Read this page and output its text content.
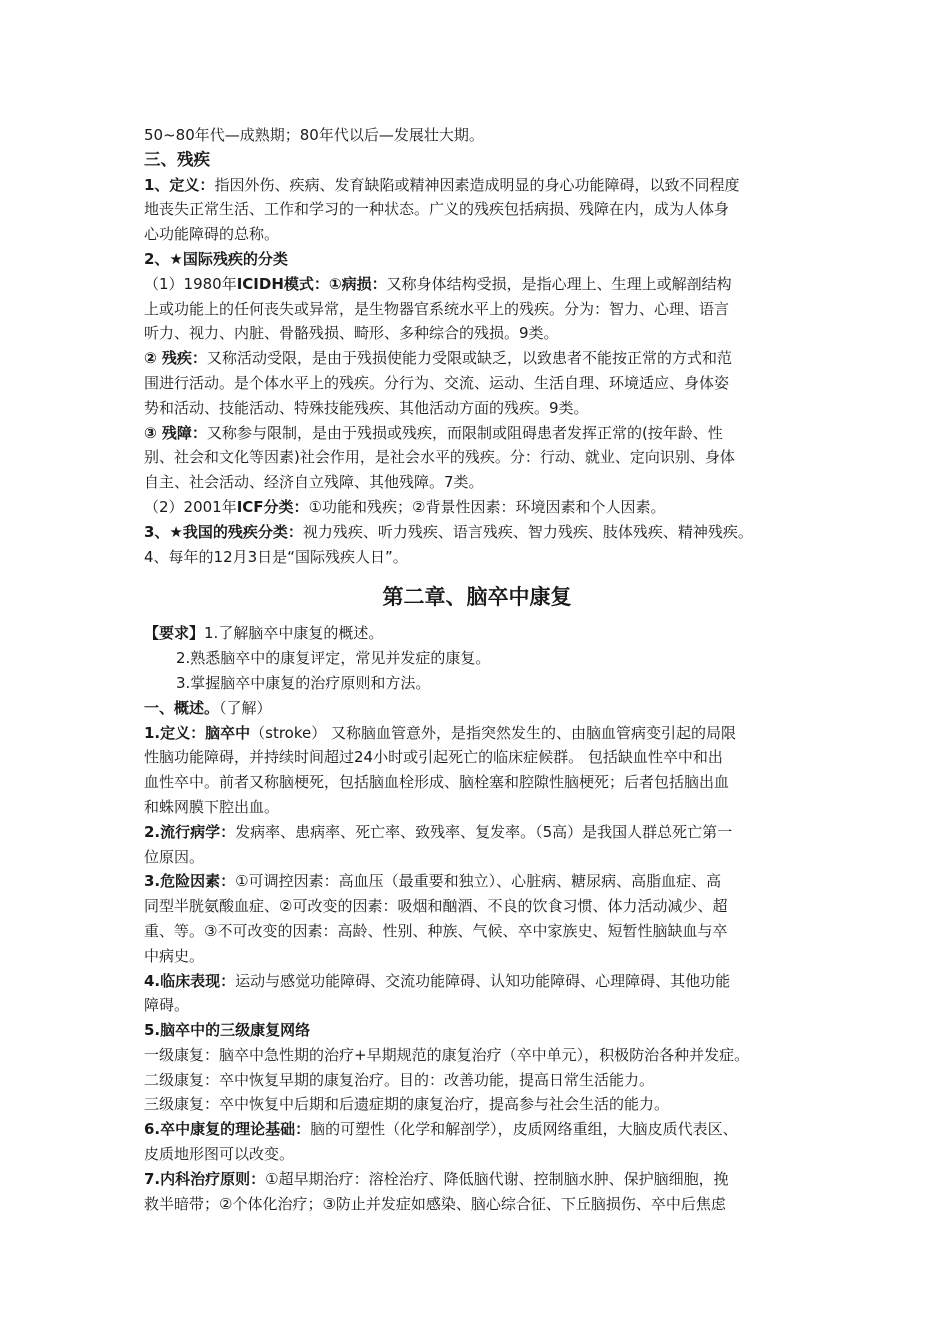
50~80年代—成熟期；80年代以后—发展壮大期。
三、残疾
1、定义：指因外伤、疾病、发育缺陷或精神因素造成明显的身心功能障碍，以致不同程度
地丧失正常生活、工作和学习的一种状态。广义的残疾包括病损、残障在内，成为人体身
心功能障碍的总称。
2、★国际残疾的分类
（1）1980年ICIDH模式：①病损：又称身体结构受损，是指心理上、生理上或解剖结构
上或功能上的任何丧失或异常，是生物器官系统水平上的残疾。分为：智力、心理、语言
听力、视力、内脏、骨骼残损、畸形、多种综合的残损。9类。
② 残疾：又称活动受限，是由于残损使能力受限或缺乏，以致患者不能按正常的方式和范
围进行活动。是个体水平上的残疾。分行为、交流、运动、生活自理、环境适应、身体姿
势和活动、技能活动、特殊技能残疾、其他活动方面的残疾。9类。
③ 残障：又称参与限制，是由于残损或残疾，而限制或阻碍患者发挥正常的(按年龄、性
别、社会和文化等因素)社会作用，是社会水平的残疾。分：行动、就业、定向识别、身体
自主、社会活动、经济自立残障、其他残障。7类。
（2）2001年ICF分类：①功能和残疾；②背景性因素：环境因素和个人因素。
3、★我国的残疾分类：视力残疾、听力残疾、语言残疾、智力残疾、肢体残疾、精神残疾。
4、每年的12月3日是“国际残疾人日”。
第二章、脑卒中康复
【要求】1.了解脑卒中康复的概述。
2.熟悉脑卒中的康复评定，常见并发症的康复。
3.掌握脑卒中康复的治疗原则和方法。
一、概述。（了解）
1.定义：脑卒中（stroke） 又称脑血管意外，是指突然发生的、由脑血管病变引起的局限
性脑功能障碍，并持续时间超过24小时或引起死亡的临床症候群。 包括缺血性卒中和出
血性卒中。前者又称脑梗死，包括脑血栓形成、脑栓塞和腔隙性脑梗死；后者包括脑出血
和蛛网膜下腔出血。
2.流行病学：发病率、患病率、死亡率、致残率、复发率。（5高）是我国人群总死亡第一
位原因。
3.危险因素：①可调控因素：高血压（最重要和独立）、心脏病、糖尿病、高脂血症、高
同型半胱氨酸血症、②可改变的因素：吸烟和酗酒、不良的饮食习惯、体力活动减少、超
重、等。③不可改变的因素：高龄、性别、种族、气候、卒中家族史、短暂性脑缺血与卒
中病史。
4.临床表现：运动与感觉功能障碍、交流功能障碍、认知功能障碍、心理障碍、其他功能
障碍。
5.脑卒中的三级康复网络
一级康复：脑卒中急性期的治疗+早期规范的康复治疗（卒中单元），积极防治各种并发症。
二级康复：卒中恢复早期的康复治疗。目的：改善功能，提高日常生活能力。
三级康复：卒中恢复中后期和后遗症期的康复治疗，提高参与社会生活的能力。
6.卒中康复的理论基础：脑的可塑性（化学和解剖学），皮质网络重组，大脑皮质代表区、
皮质地形图可以改变。
7.内科治疗原则：①超早期治疗：溶栓治疗、降低脑代谢、控制脑水肿、保护脑细胞，挽
救半暗带；②个体化治疗；③防止并发症如感染、脑心综合征、下丘脑损伤、卒中后焦虑
